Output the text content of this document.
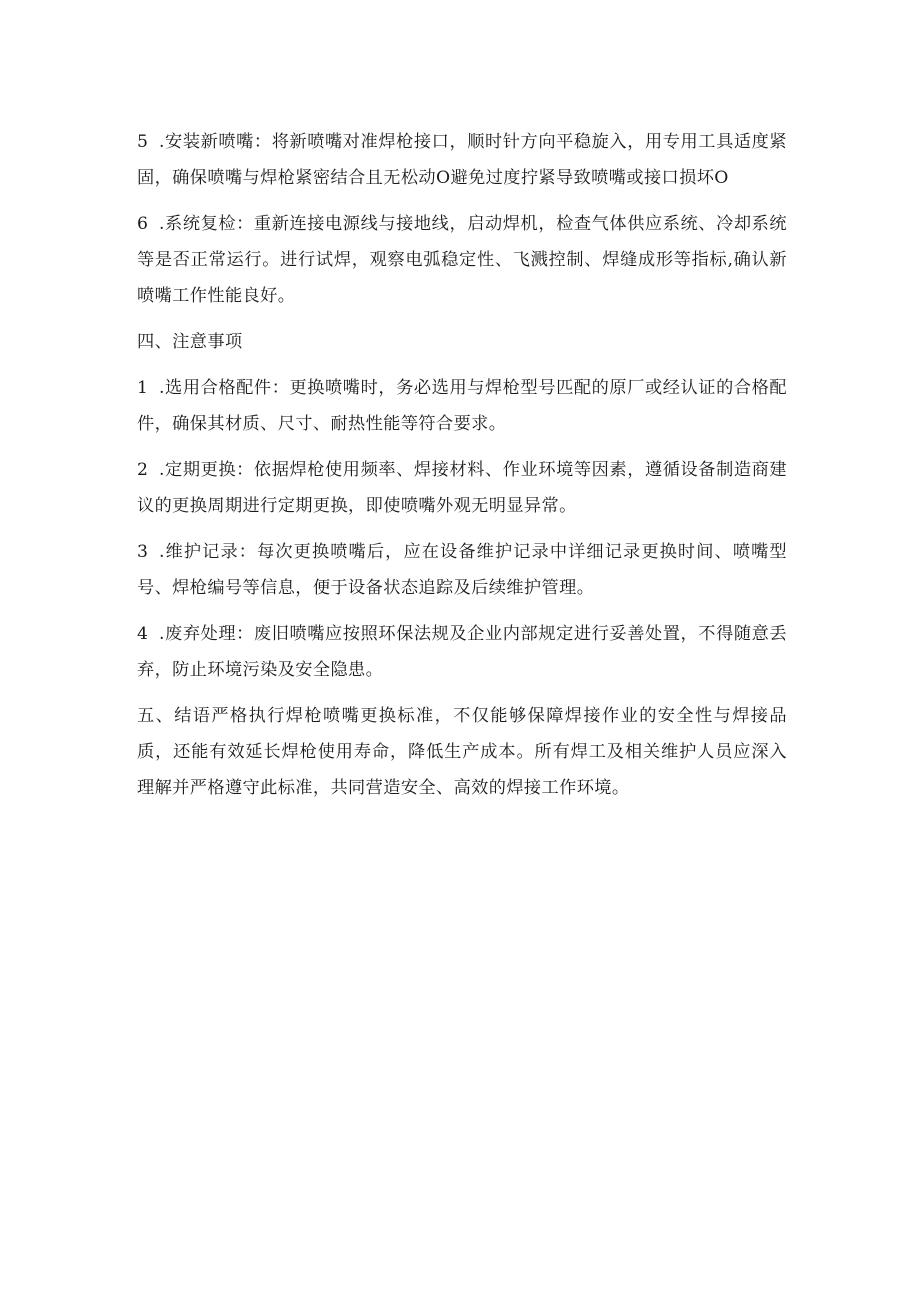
5 .安装新喷嘴：将新喷嘴对准焊枪接口，顺时针方向平稳旋入，用专用工具适度紧固，确保喷嘴与焊枪紧密结合且无松动O避免过度拧紧导致喷嘴或接口损坏O

6 .系统复检：重新连接电源线与接地线，启动焊机，检查气体供应系统、冷却系统等是否正常运行。进行试焊，观察电弧稳定性、飞溅控制、焊缝成形等指标,确认新喷嘴工作性能良好。

四、注意事项

1 .选用合格配件：更换喷嘴时，务必选用与焊枪型号匹配的原厂或经认证的合格配件，确保其材质、尺寸、耐热性能等符合要求。

2 .定期更换：依据焊枪使用频率、焊接材料、作业环境等因素，遵循设备制造商建议的更换周期进行定期更换，即使喷嘴外观无明显异常。

3 .维护记录：每次更换喷嘴后，应在设备维护记录中详细记录更换时间、喷嘴型号、焊枪编号等信息，便于设备状态追踪及后续维护管理。

4 .废弃处理：废旧喷嘴应按照环保法规及企业内部规定进行妥善处置，不得随意丢弃，防止环境污染及安全隐患。

五、结语严格执行焊枪喷嘴更换标准，不仅能够保障焊接作业的安全性与焊接品质，还能有效延长焊枪使用寿命，降低生产成本。所有焊工及相关维护人员应深入理解并严格遵守此标准，共同营造安全、高效的焊接工作环境。
